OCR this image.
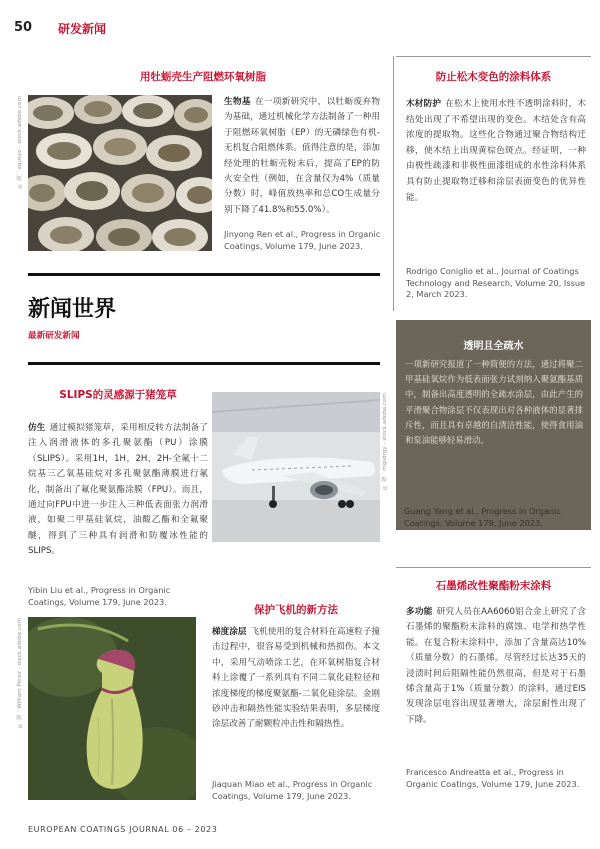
50 研发新闻
用牡蛎壳生产阻燃环氧树脂
© 图：agusyo - stock.adobe.com	生物基 在一项新研究中，以牡蛎废弃物为基础，通过机械化学方法制备了一种用于阻燃环氧树脂（EP）的无磷绿色有机-无机复合阻燃体系。值得注意的是，添加经处理的牡蛎壳粉末后，提高了EP的防火安全性（例如，在含量仅为4%（质量分数）时，峰值放热率和总CO生成量分别下降了41.8%和55.0%）。
Jinyong Ren et al., Progress in Organic Coatings, Volume 179, June 2023.
防止松木变色的涂料体系
木材防护 在松木上使用水性不透明涂料时，木结处出现了不希望出现的变色。木结处含有高浓度的提取物。这些化合物通过聚合物结构迁移，使木结上出现黄棕色斑点。经证明，一种由极性疏漆和非极性面漆组成的水性涂料体系具有防止提取物迁移和涂层表面变色的优异性能。
Rodrigo Coniglio et al., Journal of Coatings Technology and Research, Volume 20, Issue 2, March 2023.
新闻世界
最新研发新闻
透明且全疏水
一项新研究报道了一种简便的方法，通过将聚二甲基硅氧烷作为低表面张力试剂纳入聚氨酯基质中，制备出高度透明的全疏水涂层，由此产生的平滑聚合物涂层不仅表现出对各种液体的显著排斥性，而且具有卓越的自清洁性能，使得食用油和泵油能够轻易滑动。
Guang Yang et al., Progress in Organic Coatings, Volume 179, June 2023.
SLIPS的灵感源于猪笼草
仿生 通过模拟猪笼草，采用相反转方法制备了注入润滑液体的多孔聚氨酯（PU）涂膜（SLIPS）。采用1H，1H，2H，2H-全氟十二烷基三乙氧基硅烷对多孔聚氨酯薄膜进行氟化，制备出了氟化聚氨酯涂膜（FPU）。而且，通过向FPU中进一步注入三种低表面张力润滑液，如聚二甲基硅氧烷，油酸乙酯和全氟聚醚，得到了三种具有润滑和防覆冰性能的SLIPS。
Yibin Liu et al., Progress in Organic Coatings, Volume 179, June 2023.
© 图：mgsdrgy - stock.adobe.com
© 图：William Perez - stock.adobe.com
保护飞机的新方法
梯度涂层 飞机使用的复合材料在高速粒子撞击过程中，很容易受到机械和热损伤。本文中，采用气动喷涂工艺，在环氧树脂复合材料上涂覆了一系列具有不同二氧化硅粒径和浓度梯度的梯度聚氨酯-二氧化硅涂层。金刚砂冲击和隔热性能实验结果表明，多层梯度涂层改善了耐颗粒冲击性和隔热性。
Jiaquan Miao et al., Progress in Organic Coatings, Volume 179, June 2023.
石墨烯改性聚酯粉末涂料
多功能 研究人员在AA6060铝合金上研究了含石墨烯的聚酯粉末涂料的腐蚀、电学和热学性能。在复合粉末涂料中，添加了含量高达10%（质量分数）的石墨烯。尽管经过长达35天的浸渍时间后阻隔性能仍然很高，但是对于石墨烯含量高于1%（质量分数）的涂料，通过EIS发现涂层电容出现显著增大，涂层耐性出现了下降。
Francesco Andreatta et al., Progress in Organic Coatings, Volume 179, June 2023.
EUROPEAN COATINGS JOURNAL 06 – 2023
